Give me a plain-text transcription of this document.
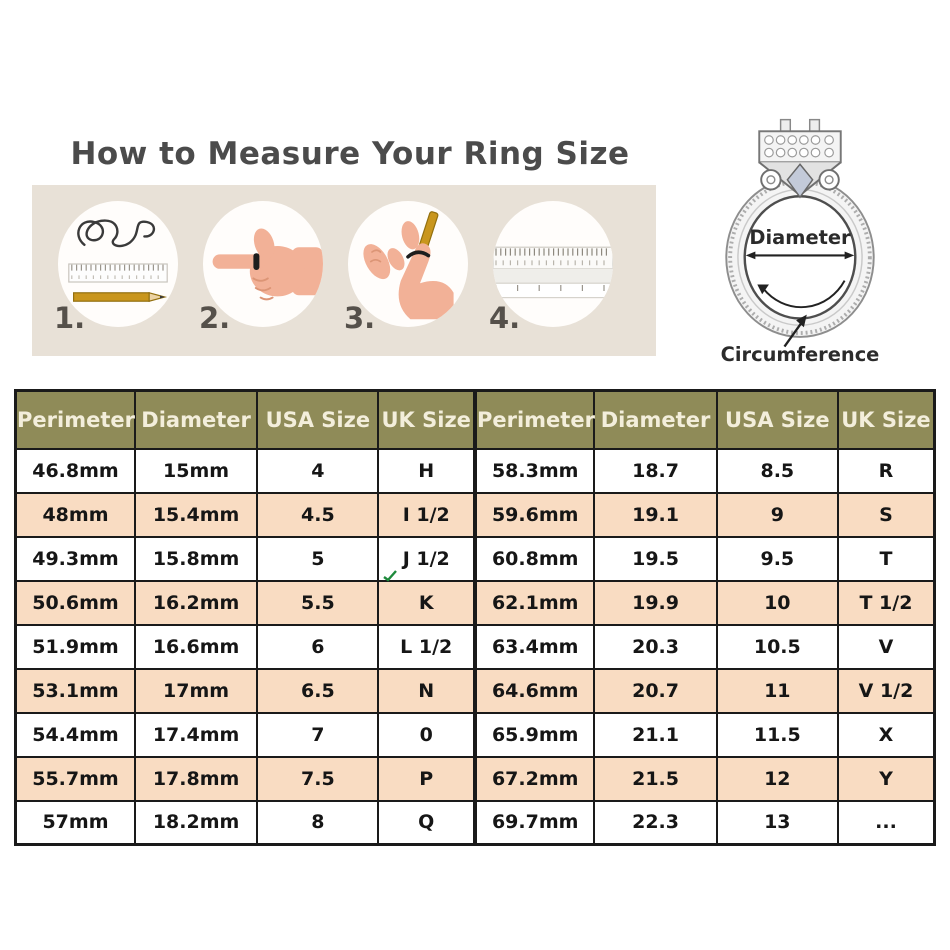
How to Measure Your Ring Size
1.	2.	3.	4.
Diameter
Circumference
Perimeter	Diameter	USA Size	UK Size	Perimeter	Diameter	USA Size	UK Size
46.8mm	15mm	4	H	58.3mm	18.7	8.5	R
48mm	15.4mm	4.5	I 1/2	59.6mm	19.1	9	S
49.3mm	15.8mm	5	J 1/2	60.8mm	19.5	9.5	T
50.6mm	16.2mm	5.5	K	62.1mm	19.9	10	T 1/2
51.9mm	16.6mm	6	L 1/2	63.4mm	20.3	10.5	V
53.1mm	17mm	6.5	N	64.6mm	20.7	11	V 1/2
54.4mm	17.4mm	7	0	65.9mm	21.1	11.5	X
55.7mm	17.8mm	7.5	P	67.2mm	21.5	12	Y
57mm	18.2mm	8	Q	69.7mm	22.3	13	...
